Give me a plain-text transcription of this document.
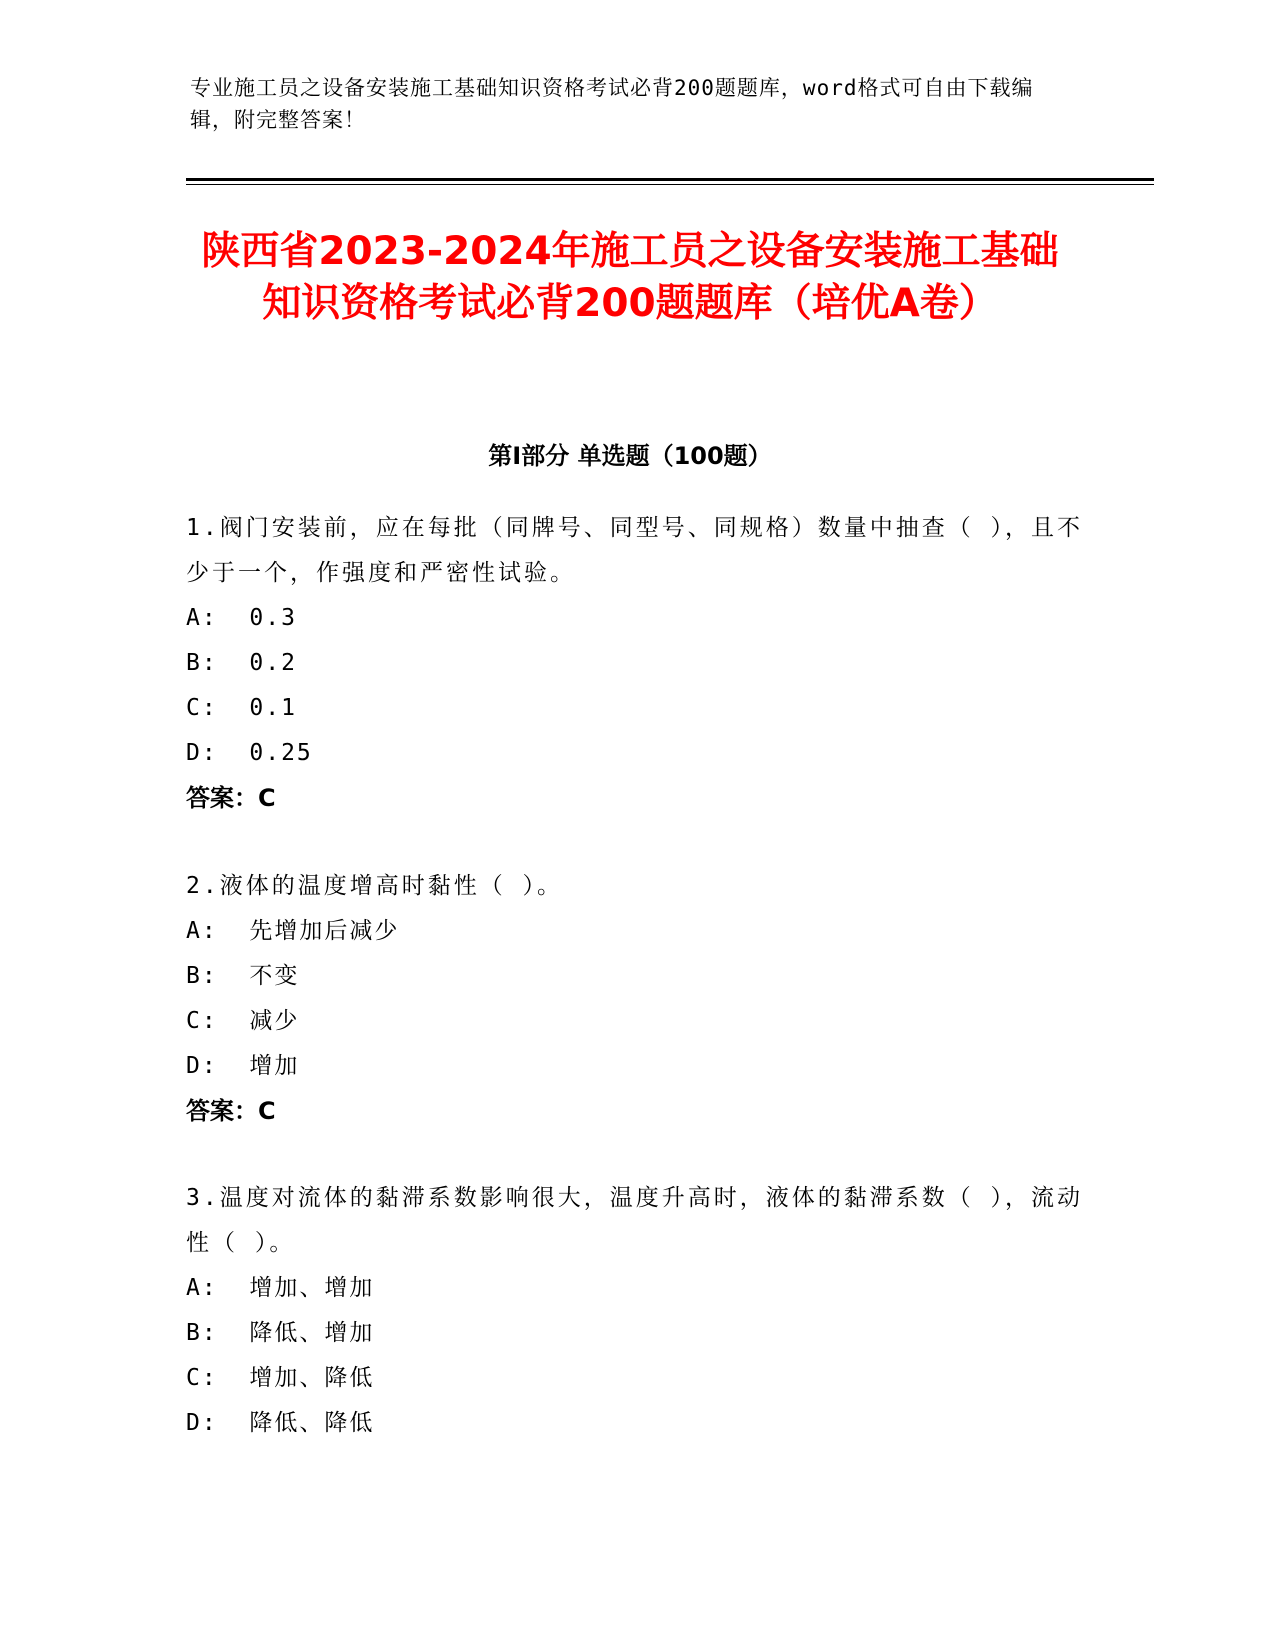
专业施工员之设备安装施工基础知识资格考试必背200题题库，word格式可自由下载编辑，附完整答案！
陕西省2023-2024年施工员之设备安装施工基础知识资格考试必背200题题库（培优A卷）
第Ⅰ部分 单选题（100题）

1.阀门安装前，应在每批（同牌号、同型号、同规格）数量中抽查（ ），且不少于一个，作强度和严密性试验。

A:  0.3

B:  0.2

C:  0.1

D:  0.25

答案：C

2.液体的温度增高时黏性（ ）。

A:  先增加后减少

B:  不变

C:  减少

D:  增加

答案：C

3.温度对流体的黏滞系数影响很大，温度升高时，液体的黏滞系数（ ），流动性（ ）。

A:  增加、增加

B:  降低、增加

C:  增加、降低

D:  降低、降低
